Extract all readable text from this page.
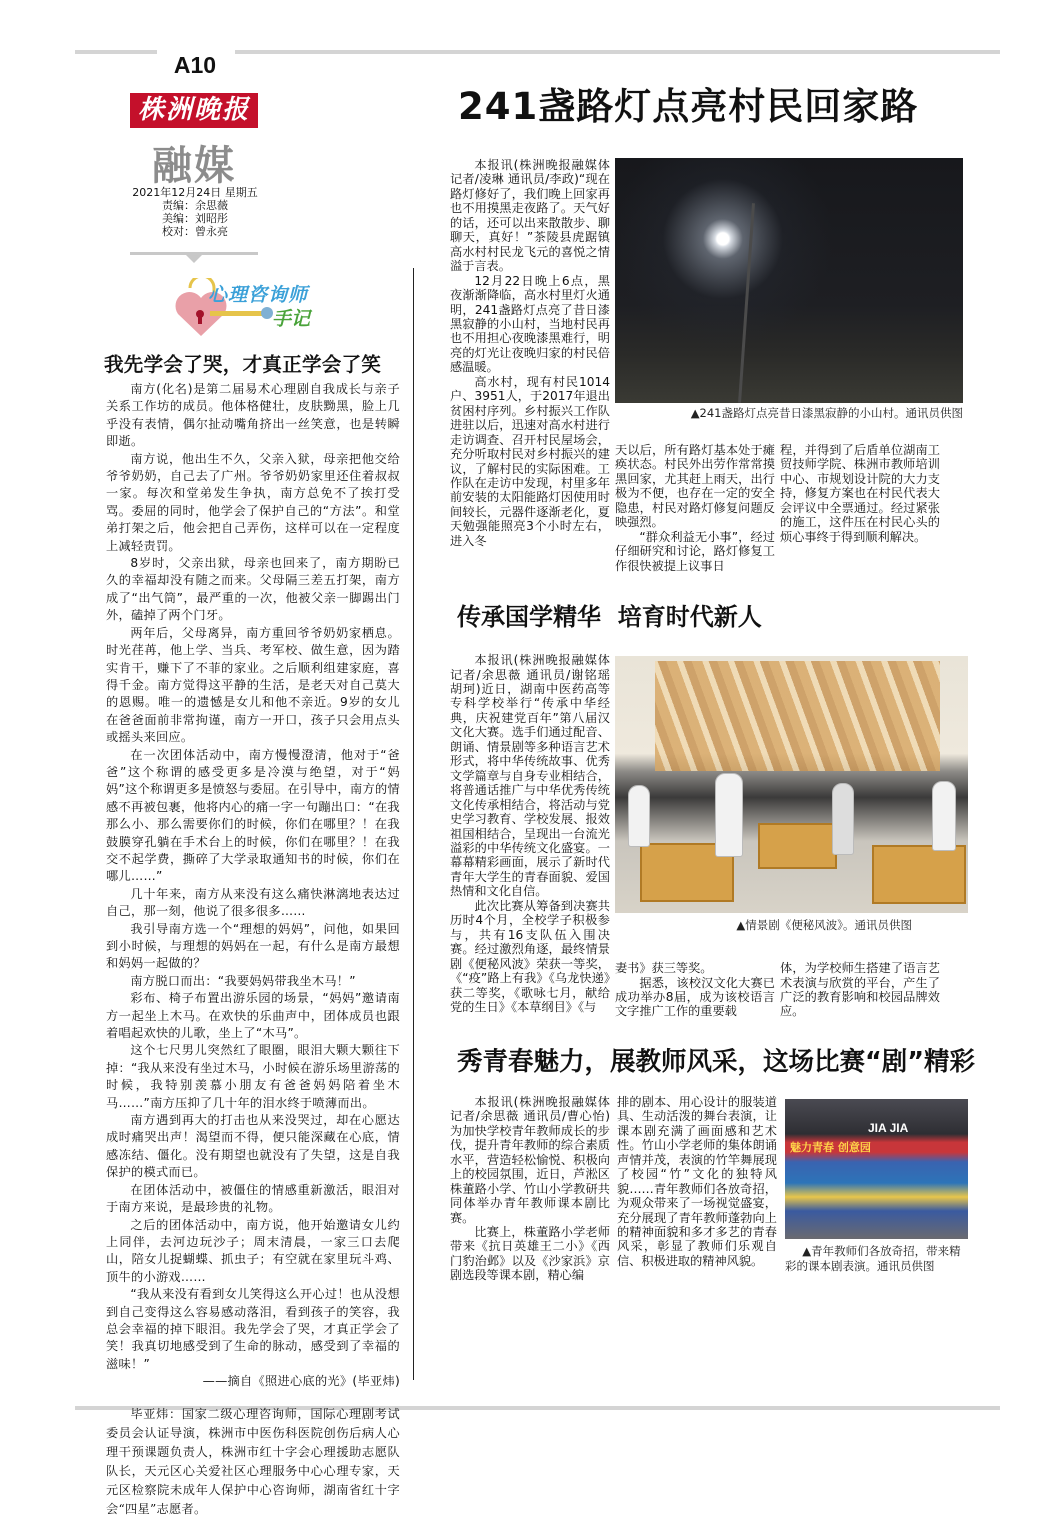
A10
株洲晚报
融媒
2021年12月24日 星期五
责编：余思薇
美编：刘昭彤
校对：曾永亮
心理咨询师
手记
我先学会了哭，才真正学会了笑

南方(化名)是第二届易术心理剧自我成长与亲子关系工作坊的成员。他体格健壮，皮肤黝黑，脸上几乎没有表情，偶尔扯动嘴角挤出一丝笑意，也是转瞬即逝。

南方说，他出生不久，父亲入狱，母亲把他交给爷爷奶奶，自己去了广州。爷爷奶奶家里还住着叔叔一家。每次和堂弟发生争执，南方总免不了挨打受骂。委屈的同时，他学会了保护自己的“方法”。和堂弟打架之后，他会把自己弄伤，这样可以在一定程度上减轻责罚。

8岁时，父亲出狱，母亲也回来了，南方期盼已久的幸福却没有随之而来。父母隔三差五打架，南方成了“出气筒”，最严重的一次，他被父亲一脚踢出门外，磕掉了两个门牙。

两年后，父母离异，南方重回爷爷奶奶家栖息。时光荏苒，他上学、当兵、考军校、做生意，因为踏实肯干，赚下了不菲的家业。之后顺利组建家庭，喜得千金。南方觉得这平静的生活，是老天对自己莫大的恩赐。唯一的遗憾是女儿和他不亲近。9岁的女儿在爸爸面前非常拘谨，南方一开口，孩子只会用点头或摇头来回应。

在一次团体活动中，南方慢慢澄清，他对于“爸爸”这个称谓的感受更多是冷漠与绝望，对于“妈妈”这个称谓更多是愤怒与委屈。在引导中，南方的情感不再被包裹，他将内心的痛一字一句蹦出口：“在我那么小、那么需要你们的时候，你们在哪里？！在我鼓膜穿孔躺在手术台上的时候，你们在哪里？！在我交不起学费，撕碎了大学录取通知书的时候，你们在哪儿……”

几十年来，南方从来没有这么痛快淋漓地表达过自己，那一刻，他说了很多很多……

我引导南方选一个“理想的妈妈”，问他，如果回到小时候，与理想的妈妈在一起，有什么是南方最想和妈妈一起做的？

南方脱口而出：“我要妈妈带我坐木马！”

彩布、椅子布置出游乐园的场景，“妈妈”邀请南方一起坐上木马。在欢快的乐曲声中，团体成员也跟着唱起欢快的儿歌，坐上了“木马”。

这个七尺男儿突然红了眼圈，眼泪大颗大颗往下掉：“我从来没有坐过木马，小时候在游乐场里游荡的时候，我特别羡慕小朋友有爸爸妈妈陪着坐木马……”南方压抑了几十年的泪水终于喷薄而出。

南方遇到再大的打击也从来没哭过，却在心愿达成时痛哭出声！渴望而不得，便只能深藏在心底，情感冻结、僵化。没有期望也就没有了失望，这是自我保护的模式而已。

在团体活动中，被僵住的情感重新激活，眼泪对于南方来说，是最珍贵的礼物。

之后的团体活动中，南方说，他开始邀请女儿约上同伴，去河边玩沙子；周末清晨，一家三口去爬山，陪女儿捉蝴蝶、抓虫子；有空就在家里玩斗鸡、顶牛的小游戏……

“我从来没有看到女儿笑得这么开心过！也从没想到自己变得这么容易感动落泪，看到孩子的笑容，我总会幸福的掉下眼泪。我先学会了哭，才真正学会了笑！我真切地感受到了生命的脉动，感受到了幸福的滋味！”

——摘自《照进心底的光》(毕亚炜)

毕亚炜：国家二级心理咨询师，国际心理剧考试委员会认证导演，株洲市中医伤科医院创伤后病人心理干预课题负责人，株洲市红十字会心理援助志愿队队长，天元区心关爱社区心理服务中心心理专家，天元区检察院未成年人保护中心咨询师，湖南省红十字会“四星”志愿者。

241盏路灯点亮村民回家路

本报讯(株洲晚报融媒体记者/凌琳 通讯员/李政)“现在路灯修好了，我们晚上回家再也不用摸黑走夜路了。天气好的话，还可以出来散散步、聊聊天，真好！”茶陵县虎踞镇高水村村民龙飞元的喜悦之情溢于言表。

12月22日晚上6点，黑夜渐渐降临，高水村里灯火通明，241盏路灯点亮了昔日漆黑寂静的小山村，当地村民再也不用担心夜晚漆黑难行，明亮的灯光让夜晚归家的村民倍感温暖。

高水村，现有村民1014户、3951人，于2017年退出贫困村序列。乡村振兴工作队进驻以后，迅速对高水村进行走访调查、召开村民屋场会，充分听取村民对乡村振兴的建议，了解村民的实际困难。工作队在走访中发现，村里多年前安装的太阳能路灯因使用时间较长，元器件逐渐老化，夏天勉强能照亮3个小时左右，进入冬

▲241盏路灯点亮昔日漆黑寂静的小山村。通讯员供图

天以后，所有路灯基本处于瘫痪状态。村民外出劳作常常摸黑回家，尤其赶上雨天，出行极为不便，也存在一定的安全隐患，村民对路灯修复问题反映强烈。

“群众利益无小事”，经过仔细研究和讨论，路灯修复工作很快被提上议事日

程，并得到了后盾单位湖南工贸技师学院、株洲市教师培训中心、市规划设计院的大力支持，修复方案也在村民代表大会评议中全票通过。经过紧张的施工，这件压在村民心头的烦心事终于得到顺利解决。

传承国学精华  培育时代新人

本报讯(株洲晚报融媒体记者/余思薇 通讯员/谢铭瑶 胡珂)近日，湖南中医药高等专科学校举行“传承中华经典，庆祝建党百年”第八届汉文化大赛。选手们通过配音、朗诵、情景剧等多种语言艺术形式，将中华传统故事、优秀文学篇章与自身专业相结合，将普通话推广与中华优秀传统文化传承相结合，将活动与党史学习教育、学校发展、报效祖国相结合，呈现出一台流光溢彩的中华传统文化盛宴。一幕幕精彩画面，展示了新时代青年大学生的青春面貌、爱国热情和文化自信。

此次比赛从筹备到决赛共历时4个月，全校学子积极参与，共有16支队伍入围决赛。经过激烈角逐，最终情景剧《便秘风波》荣获一等奖，《“疫”路上有我》《乌龙快递》获二等奖，《歌咏七月，献给党的生日》《本草纲目》《与

▲情景剧《便秘风波》。通讯员供图

妻书》获三等奖。

据悉，该校汉文化大赛已成功举办8届，成为该校语言文字推广工作的重要载

体，为学校师生搭建了语言艺术表演与欣赏的平台，产生了广泛的教育影响和校园品牌效应。

秀青春魅力，展教师风采，这场比赛“剧”精彩

本报讯(株洲晚报融媒体记者/余思薇 通讯员/曹心怡)为加快学校青年教师成长的步伐，提升青年教师的综合素质水平，营造轻松愉悦、积极向上的校园氛围，近日，芦淞区株董路小学、竹山小学教研共同体举办青年教师课本剧比赛。

比赛上，株董路小学老师带来《抗日英雄王二小》《西门豹治邺》以及《沙家浜》京剧选段等课本剧，精心编

排的剧本、用心设计的服装道具、生动活泼的舞台表演，让课本剧充满了画面感和艺术性。竹山小学老师的集体朗诵声情并茂，表演的竹竿舞展现了校园“竹”文化的独特风貌……青年教师们各放奇招，为观众带来了一场视觉盛宴，充分展现了青年教师蓬勃向上的精神面貌和多才多艺的青春风采，彰显了教师们乐观自信、积极进取的精神风貌。

JIA JIA
魅力青春 创意园
▲青年教师们各放奇招，带来精彩的课本剧表演。通讯员供图
